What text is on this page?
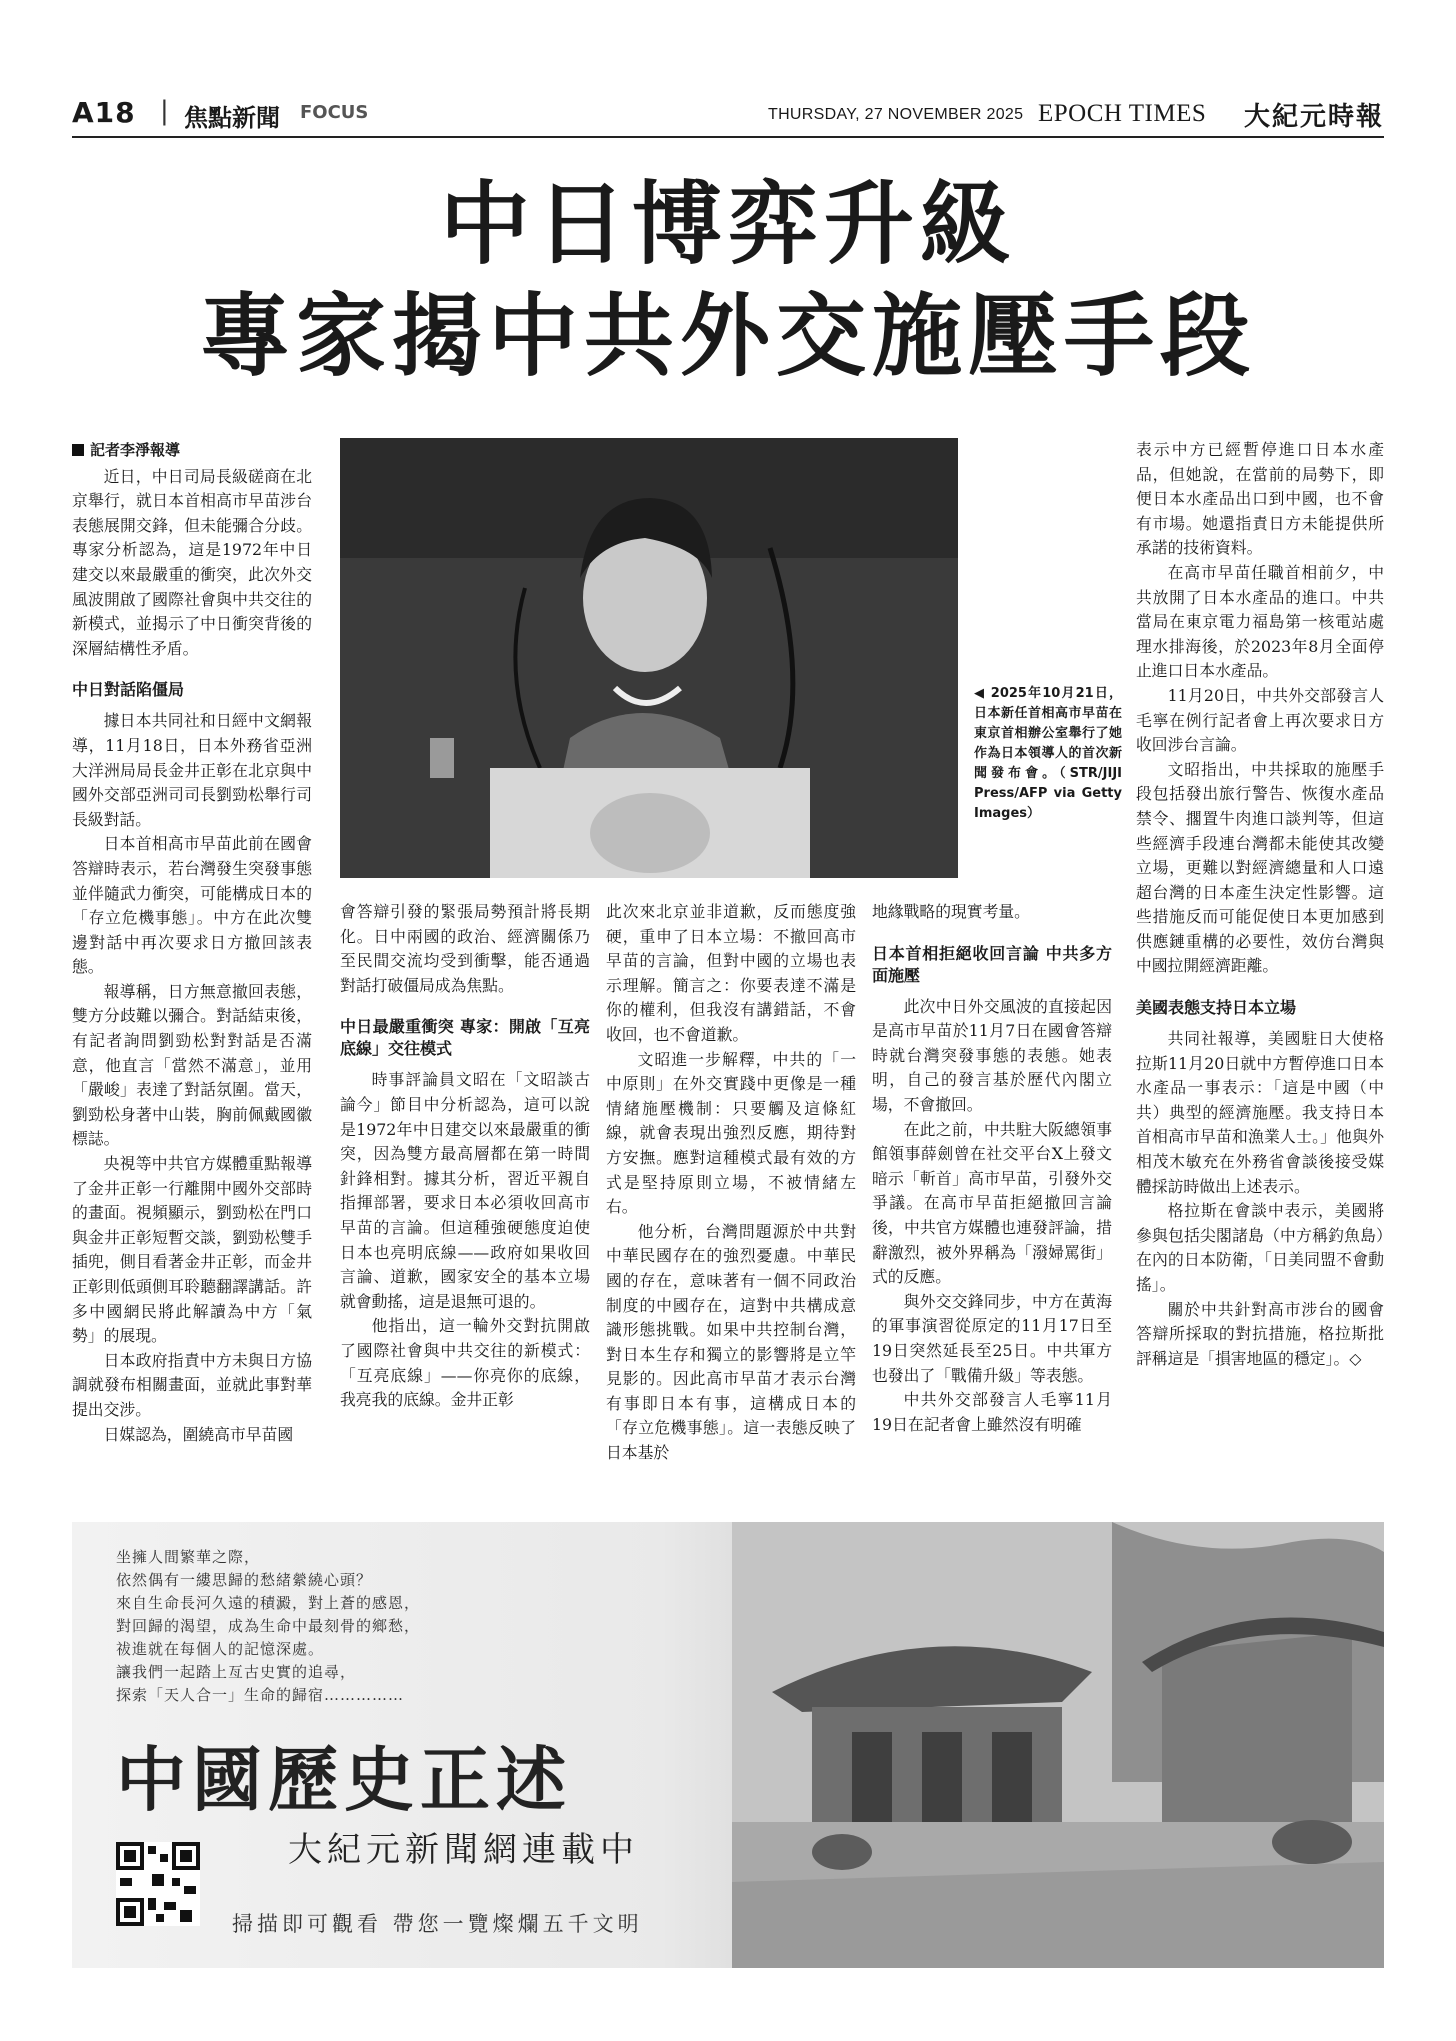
A18 | 焦點新聞 FOCUS	THURSDAY, 27 NOVEMBER 2025 EPOCH TIMES 大紀元時報
中日博弈升級
專家揭中共外交施壓手段
記者李淨報導

近日，中日司局長級磋商在北京舉行，就日本首相高市早苗涉台表態展開交鋒，但未能彌合分歧。專家分析認為，這是1972年中日建交以來最嚴重的衝突，此次外交風波開啟了國際社會與中共交往的新模式，並揭示了中日衝突背後的深層結構性矛盾。

中日對話陷僵局

據日本共同社和日經中文網報導，11月18日，日本外務省亞洲大洋洲局局長金井正彰在北京與中國外交部亞洲司司長劉勁松舉行司長級對話。

日本首相高市早苗此前在國會答辯時表示，若台灣發生突發事態並伴隨武力衝突，可能構成日本的「存立危機事態」。中方在此次雙邊對話中再次要求日方撤回該表態。

報導稱，日方無意撤回表態，雙方分歧難以彌合。對話結束後，有記者詢問劉勁松對對話是否滿意，他直言「當然不滿意」，並用「嚴峻」表達了對話氛圍。當天，劉勁松身著中山裝，胸前佩戴國徽標誌。

央視等中共官方媒體重點報導了金井正彰一行離開中國外交部時的畫面。視頻顯示，劉勁松在門口與金井正彰短暫交談，劉勁松雙手插兜，側目看著金井正彰，而金井正彰則低頭側耳聆聽翻譯講話。許多中國網民將此解讀為中方「氣勢」的展現。

日本政府指責中方未與日方協調就發布相關畫面，並就此事對華提出交涉。

日媒認為，圍繞高市早苗國

◀ 2025年10月21日，日本新任首相高市早苗在東京首相辦公室舉行了她作為日本領導人的首次新聞發布會。（STR/JIJI Press/AFP via Getty Images）

會答辯引發的緊張局勢預計將長期化。日中兩國的政治、經濟關係乃至民間交流均受到衝擊，能否通過對話打破僵局成為焦點。

中日最嚴重衝突 專家：開啟「互亮底線」交往模式

時事評論員文昭在「文昭談古論今」節目中分析認為，這可以說是1972年中日建交以來最嚴重的衝突，因為雙方最高層都在第一時間針鋒相對。據其分析，習近平親自指揮部署，要求日本必須收回高市早苗的言論。但這種強硬態度迫使日本也亮明底線——政府如果收回言論、道歉，國家安全的基本立場就會動搖，這是退無可退的。

他指出，這一輪外交對抗開啟了國際社會與中共交往的新模式：「互亮底線」——你亮你的底線，我亮我的底線。金井正彰

此次來北京並非道歉，反而態度強硬，重申了日本立場：不撤回高市早苗的言論，但對中國的立場也表示理解。簡言之：你要表達不滿是你的權利，但我沒有講錯話，不會收回，也不會道歉。

文昭進一步解釋，中共的「一中原則」在外交實踐中更像是一種情緒施壓機制：只要觸及這條紅線，就會表現出強烈反應，期待對方安撫。應對這種模式最有效的方式是堅持原則立場，不被情緒左右。

他分析，台灣問題源於中共對中華民國存在的強烈憂慮。中華民國的存在，意味著有一個不同政治制度的中國存在，這對中共構成意識形態挑戰。如果中共控制台灣，對日本生存和獨立的影響將是立竿見影的。因此高市早苗才表示台灣有事即日本有事，這構成日本的「存立危機事態」。這一表態反映了日本基於

地緣戰略的現實考量。

日本首相拒絕收回言論 中共多方面施壓

此次中日外交風波的直接起因是高市早苗於11月7日在國會答辯時就台灣突發事態的表態。她表明，自己的發言基於歷代內閣立場，不會撤回。

在此之前，中共駐大阪總領事館領事薛劍曾在社交平台X上發文暗示「斬首」高市早苗，引發外交爭議。在高市早苗拒絕撤回言論後，中共官方媒體也連發評論，措辭激烈，被外界稱為「潑婦罵街」式的反應。

與外交交鋒同步，中方在黃海的軍事演習從原定的11月17日至19日突然延長至25日。中共軍方也發出了「戰備升級」等表態。

中共外交部發言人毛寧11月19日在記者會上雖然沒有明確

表示中方已經暫停進口日本水產品，但她說，在當前的局勢下，即便日本水產品出口到中國，也不會有市場。她還指責日方未能提供所承諾的技術資料。

在高市早苗任職首相前夕，中共放開了日本水產品的進口。中共當局在東京電力福島第一核電站處理水排海後，於2023年8月全面停止進口日本水產品。

11月20日，中共外交部發言人毛寧在例行記者會上再次要求日方收回涉台言論。

文昭指出，中共採取的施壓手段包括發出旅行警告、恢復水產品禁令、擱置牛肉進口談判等，但這些經濟手段連台灣都未能使其改變立場，更難以對經濟總量和人口遠超台灣的日本產生決定性影響。這些措施反而可能促使日本更加感到供應鏈重構的必要性，效仿台灣與中國拉開經濟距離。

美國表態支持日本立場

共同社報導，美國駐日大使格拉斯11月20日就中方暫停進口日本水產品一事表示：「這是中國（中共）典型的經濟施壓。我支持日本首相高市早苗和漁業人士。」他與外相茂木敏充在外務省會談後接受媒體採訪時做出上述表示。

格拉斯在會談中表示，美國將參與包括尖閣諸島（中方稱釣魚島）在內的日本防衛，「日美同盟不會動搖」。

關於中共針對高市涉台的國會答辯所採取的對抗措施，格拉斯批評稱這是「損害地區的穩定」。◇

坐擁人間繁華之際，
依然偶有一縷思歸的愁緒縈繞心頭？
來自生命長河久遠的積澱，對上蒼的感恩，
對回歸的渴望，成為生命中最刻骨的鄉愁，
祓進就在每個人的記憶深處。
讓我們一起踏上亙古史實的追尋，
探索「天人合一」生命的歸宿……………
中國歷史正述
大紀元新聞網連載中
掃描即可觀看 帶您一覽燦爛五千文明
